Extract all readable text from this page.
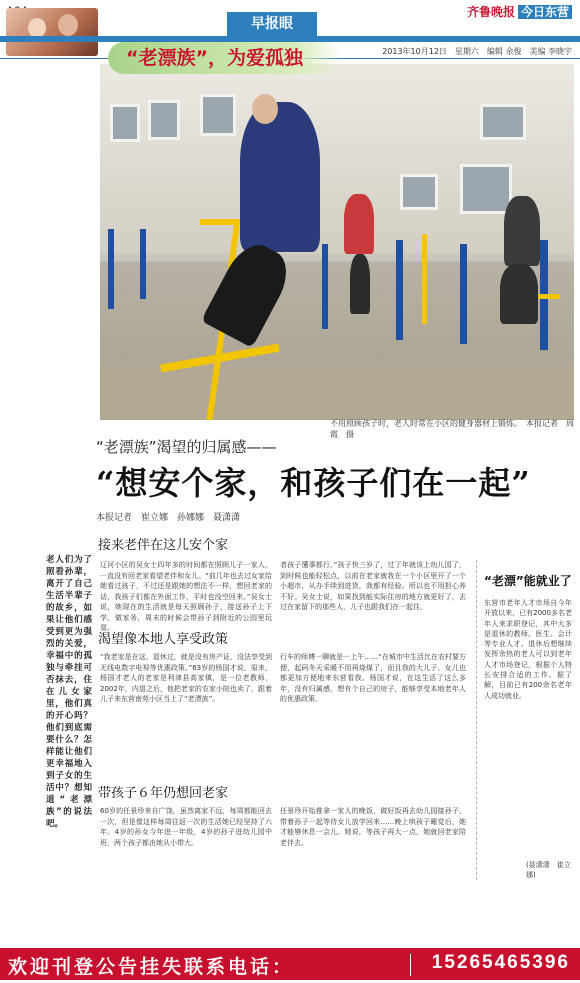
早报眼
齐鲁晚报 今日东营
2013年10月12日　星期六　编辑 余俊　美编 李晓宇
“老漂族”，为爱孤独
不用照顾孩子时，老人时常在小区的健身器材上锻炼。　本报记者　周霞　摄
“老漂族”渴望的归属感——
“想安个家，和孩子们在一起”
本报记者　崔立娜　孙娜娜　聂潇潇
接来老伴在这儿安个家
辽河小区的吴女士四年多的时间都在照顾儿子一家人，一直没有回老家看望老伴和女儿。“前几年也去过女家给她看过孩子，不过还是跟她的想法不一样，想回老家的话，我孩子们都在外面工作，平时也没空回来。”吴女士说，她现在的生活就是每天照顾孙子，接送孙子上下学，做家务，周末的时候会带孙子到附近的公园里玩耍。
者孩子懂事都行，”孩子快三岁了，过了年就该上幼儿园了，到时候也能轻松点，以前在老家就我在一个小区里开了一个小超市，从办手续到进货，我都有经验。所以也不用担心养不好。吴女士说，如果找到能实际住房的地方就更好了，去过在家留下的那些人，儿子也跟我们在一起住。
渴望像本地人享受政策
“我老家是在这，退休过，就是没有房产证，没法享受到无线电数字电视等优惠政策。”63岁的杨国才说，原来，杨国才老人的老家是利津县高家镇，是一位老教师，2002年，内退之后，他把老家的农家小院也卖了，跟着儿子来东营南苑小区当上了“老漂族”。
行车的师傅一聊就是一上午……“在城市中生活比在农村要方便，起码冬天采暖不用再烧煤了，而且我的大儿子、女儿也都更加方便地来东营看我。杨国才说，在这生活了这么多年，没有归属感，想有个自己的房子，能够享受本地老年人的优惠政策。
带孩子６年仍想回老家
60岁的任景珍来自广饶，虽然离家不远，每周都能回去一次，但是像这样每周往返一次的生活她已经坚持了六年。4岁的孙女今年进一年级，4岁的孙子进幼儿园中班，两个孩子都由她从小带大。
任景珍开始推拿一家人的晚饭，做好饭再去幼儿园接孙子，带着孙子一起等待女儿放学回来……晚上哄孩子睡觉后，她才能够休息一会儿。她说，等孩子再大一点，她就回老家陪老伴去。
老人们为了照看孙辈，离开了自己生活半辈子的故乡，如果让他们感受到更为强烈的关爱，幸福中的孤独与牵挂可否抹去，住在儿女家里，他们真的开心吗？他们到底需要什么？怎样能让他们更幸福地入到子女的生活中？想知道“老漂族”的说法吧。
“老漂”能就业了
东营市老年人才市场自今年开放以来，已有2000多名老年人来求职登记，其中大多是退休的教师、医生、会计等专业人才。退休后想继续发挥余热的老人可以到老年人才市场登记，根据个人特长安排合适的工作。据了解，目前已有200余名老年人成功就业。
(聂潇潇　崔立娜)
欢迎刊登公告挂失联系电话：	15265465396
